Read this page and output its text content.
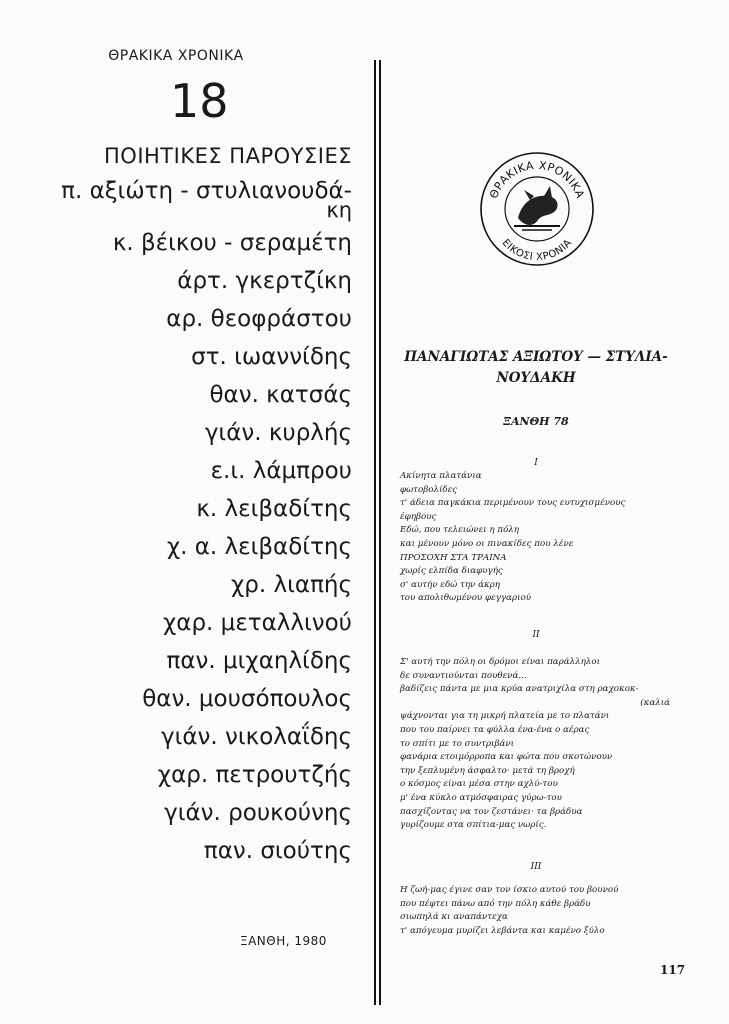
ΘΡΑΚΙΚΑ ΧΡΟΝΙΚΑ
18
ΠΟΙΗΤΙΚΕΣ ΠΑΡΟΥΣΙΕΣ
π. αξιώτη - στυλιανουδά-
κη
κ. βέικου - σεραμέτη
άρτ. γκερτζίκη
αρ. θεοφράστου
στ. ιωαννίδης
θαν. κατσάς
γιάν. κυρλής
ε.ι. λάμπρου
κ. λειβαδίτης
χ. α. λειβαδίτης
χρ. λιαπής
χαρ. μεταλλινού
παν. μιχαηλίδης
θαν. μουσόπουλος
γιάν. νικολαΐδης
χαρ. πετρουτζής
γιάν. ρουκούνης
παν. σιούτης
ΞΑΝΘΗ, 1980
ΘΡΑΚΙΚΑ ΧΡΟΝΙΚΑ
ΕΙΚΟΣΙ ΧΡΟΝΙΑ
ΠΑΝΑΓΙΩΤΑΣ ΑΞΙΩΤΟΥ — ΣΤΥΛΙΑ-
ΝΟΥΔΑΚΗ
ΞΑΝΘΗ 78
I
Ακίνητα πλατάνια
φωτοβολίδες
τ' άδεια παγκάκια περιμένουν τους ευτυχισμένους
έφηβους
Εδώ, που τελειώνει η πόλη
και μένουν μόνο οι πινακίδες που λένε
ΠΡΟΣΟΧΗ ΣΤΑ ΤΡΑΙΝΑ
χωρίς ελπίδα διαφυγής
σ' αυτήν εδώ την άκρη
του απολιθωμένου φεγγαριού
II
Σ' αυτή την πόλη οι δρόμοι είναι παράλληλοι
δε συναντιούνται πουθενά...
βαδίζεις πάντα με μια κρύα ανατριχίλα στη ραχοκοκ-
(καλιά
ψάχνονται για τη μικρή πλατεία με το πλατάνι
που του παίρνει τα φύλλα ένα-ένα ο αέρας
το σπίτι με το συντριβάνι
φανάρια ετοιμόρροπα και φώτα που σκοτώνουν
την ξεπλυμένη άσφαλτο· μετά τη βροχή
ο κόσμος είναι μέσα στην αχλύ-του
μ' ένα κύκλο ατμόσφαιρας γύρω-του
πασχίζοντας να τον ζεστάνει· τα βράδυα
γυρίζουμε στα σπίτια-μας νωρίς.
III
Η ζωή-μας έγινε σαν τον ίσκιο αυτού του βουνού
που πέφτει πάνω από την πόλη κάθε βράδυ
σιωπηλά κι αναπάντεχα
τ' απόγευμα μυρίζει λεβάντα και καμένο ξύλο
117
